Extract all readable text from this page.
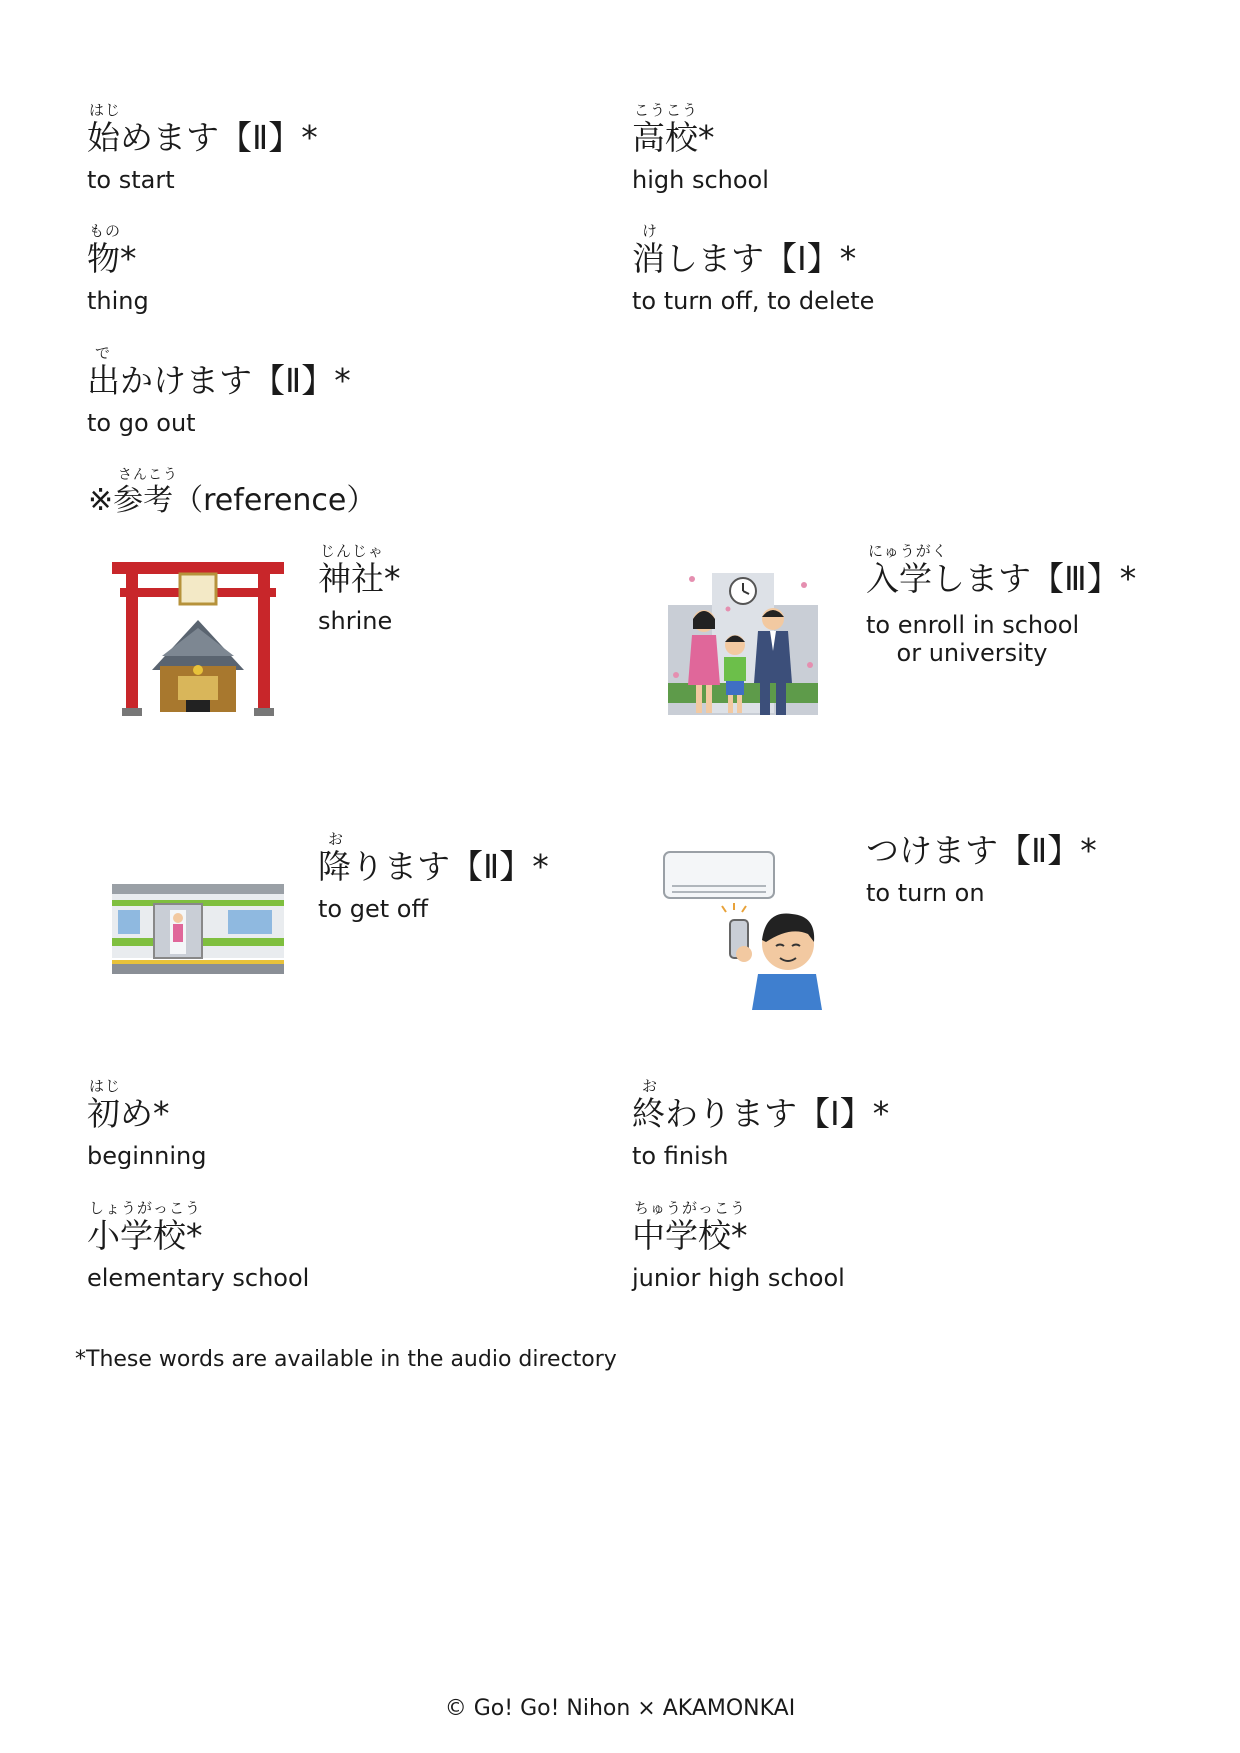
はじ
始めます【Ⅱ】*
to start
もの
物*
thing
で
出かけます【Ⅱ】*
to go out
こうこう
高校*
high school
け
消します【Ⅰ】*
to turn off, to delete
さんこう
※参考（reference）
じんじゃ
神社*
shrine
にゅうがく
入学します【Ⅲ】*
to enroll in school
or university
お
降ります【Ⅱ】*
to get off
つけます【Ⅱ】*
to turn on
はじ
初め*
beginning
しょうがっこう
小学校*
elementary school
お
終わります【Ⅰ】*
to finish
ちゅうがっこう
中学校*
junior high school
*These words are available in the audio directory
© Go! Go! Nihon × AKAMONKAI
